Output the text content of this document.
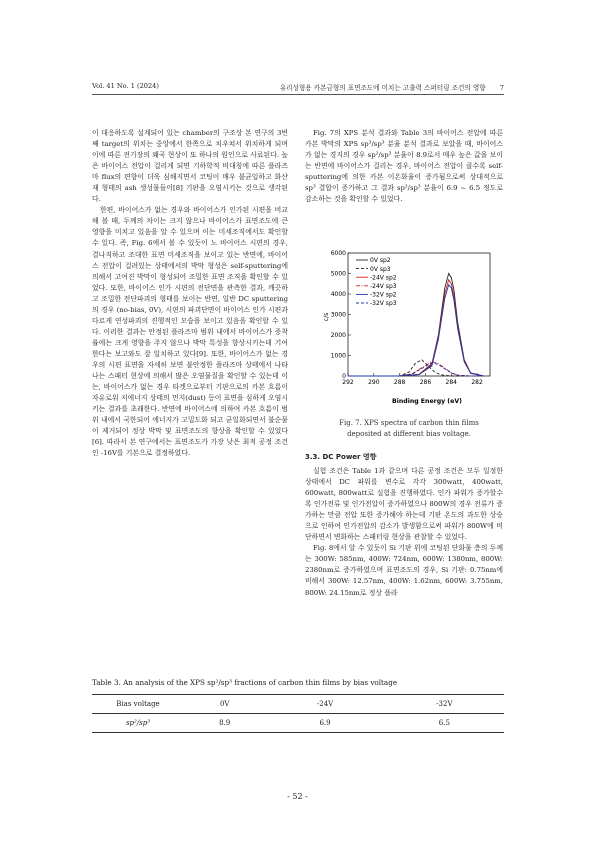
Vol. 41 No. 1 (2024)	유리성형용 카본금형의 표면조도에 미치는 고출력 스퍼터링 조건의 영향 7

이 대응하도록 설계되어 있는 chamber의 구조상 본 연구의 3번째 target의 위치는 중앙에서 한쪽으로 치우쳐서 위치하게 되며 이에 따른 전기장의 왜곡 현상이 또 하나의 원인으로 사료된다. 높은 바이어스 전압이 걸리게 되면 기하학적 비대칭에 따른 플라즈마 flux의 편향이 더욱 심해지면서 코팅이 매우 불균일하고 화산재 형태의 ash 생성물들이[8] 기판을 오염시키는 것으로 생각된다.

한편, 바이어스가 없는 경우와 바이어스가 인가된 시편을 비교해 볼 때, 두께의 차이는 크지 않으나 바이어스가 표면조도에 큰 영향을 미치고 있음을 알 수 있으며 이는 미세조직에서도 확인할 수 있다. 즉, Fig. 6에서 볼 수 있듯이 노 바이어스 시편의 경우, 결나직하고 조대한 표면 미세조직을 보이고 있는 반면에, 바이어스 전압이 걸려있는 상태에서의 박막 형성은 self-sputtering에 의해서 고여진 박막이 형성되어 조밀한 표면 조직을 확인할 수 있었다. 또한, 바이어스 인가 시편의 전단면을 관측한 결과, 깨끗하고 조밀한 전단파괴의 형태를 보이는 반면, 일반 DC sputtering의 경우 (no-bias, 0V), 시편의 파괴단면이 바이어스 인가 시편과 다르게 연성파괴의 진행적인 모습을 보이고 있음을 확인할 수 있다. 이러한 결과는 안정된 플라즈마 범위 내에서 바이어스가 증착률에는 크게 영향을 주지 않으나 박막 특성을 향상시키는데 기여한다는 보고와도 잘 일치하고 있다[9]. 또한, 바이어스가 없는 경우의 시편 표면을 자세히 보면 불안정한 플라즈마 상태에서 나타나는 스패터 현상에 의해서 많은 오염물질을 확인할 수 있는데 이는, 바이어스가 없는 경우 타겟으로부터 기판으로의 카본 흐름이 자유로워 저에너지 상태의 먼지(dust) 등이 표면을 심하게 오염시키는 결과를 초래한다. 반면에 바이어스에 의하여 카본 흐름이 범위 내에서 국한되어 에너지가 고밀도화 되고 균일화되면서 불순물이 제거되어 정상 박막 및 표면조도의 향상을 확인할 수 있었다[6]. 따라서 본 연구에서는 표면조도가 가장 낮은 최적 공정 조건인 -16V를 기본으로 결정하였다.

Fig. 7의 XPS 분석 결과와 Table 3의 바이어스 전압에 따른 카본 박막의 XPS sp³/sp³ 분율 분석 결과로 보았을 때, 바이어스가 없는 경지의 경우 sp²/sp³ 분율이 8.9로서 매우 높은 값을 보이는 반면에 바이어스가 걸리는 경우, 바이어스 전압이 클수록 self-sputtering에 의한 카본 이온화율이 증가됨으로써 상대적으로 sp³ 결합이 증가하고 그 결과 sp²/sp³ 분율이 6.9 ~ 6.5 정도로 감소하는 것을 확인할 수 있었다.

0
1000
2000
3000
4000
5000
6000
292 290 288 286 284 282
0V sp2
0V sp3
-24V sp2
-24V sp3
-32V sp2
-32V sp3
c/s
Binding Energy (eV)
Fig. 7. XPS spectra of carbon thin films
deposited at different bias voltage.
3.3. DC Power 영향

실험 조건은 Table 1과 같으며 다른 공정 조건은 모두 일정한 상태에서 DC 파워를 변수로 각각 300watt, 400watt, 600watt, 800watt로 실험을 진행하였다. 인가 파워가 증가할수록 인가전류 및 인가전압이 증가하였으나 800W의 경우 전류가 증가하는 만큼 전압 또한 증가해야 하는데 기판 온도의 과도한 상승으로 인하여 인가전압의 감소가 발생함으로써 파워가 800W에 비단하면서 변화하는 스패터링 현상을 관찰할 수 있었다.

Fig. 8에서 알 수 있듯이 Si 기판 위에 코팅된 단화물 층의 두께는 300W: 585nm, 400W: 724nm, 600W: 1380nm, 800W: 2380nm로 증가하였으며 표면조도의 경우, Si 기판: 0.75nm에 비해서 300W: 12.57nm, 400W: 1.62nm, 600W: 3.755nm, 800W: 24.15nm로 정상 플라

Table 3. An analysis of the XPS sp²/sp³ fractions of carbon thin films by bias voltage
Bias voltage	0V	-24V	-32V
sp²/sp³	8.9	6.9	6.5
- 52 -
